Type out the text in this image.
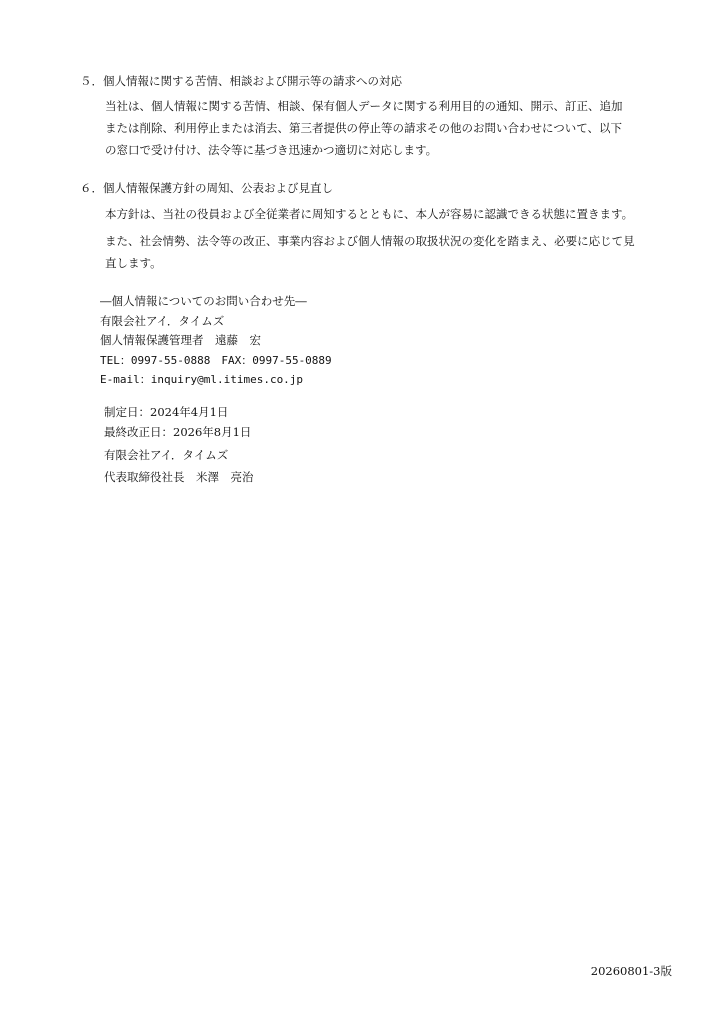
５．個人情報に関する苦情、相談および開示等の請求への対応
当社は、個人情報に関する苦情、相談、保有個人データに関する利用目的の通知、開示、訂正、追加
または削除、利用停止または消去、第三者提供の停止等の請求その他のお問い合わせについて、以下
の窓口で受け付け、法令等に基づき迅速かつ適切に対応します。
６．個人情報保護方針の周知、公表および見直し
本方針は、当社の役員および全従業者に周知するとともに、本人が容易に認識できる状態に置きます。
また、社会情勢、法令等の改正、事業内容および個人情報の取扱状況の変化を踏まえ、必要に応じて見
直します。
―個人情報についてのお問い合わせ先―
有限会社アイ．タイムズ
個人情報保護管理者　遠藤　宏
TEL：0997-55-0888　FAX：0997-55-0889
E-mail：inquiry@ml.itimes.co.jp
制定日：2024年4月1日
最終改正日：2026年8月1日
有限会社アイ．タイムズ
代表取締役社長　米澤　亮治
20260801-3版
